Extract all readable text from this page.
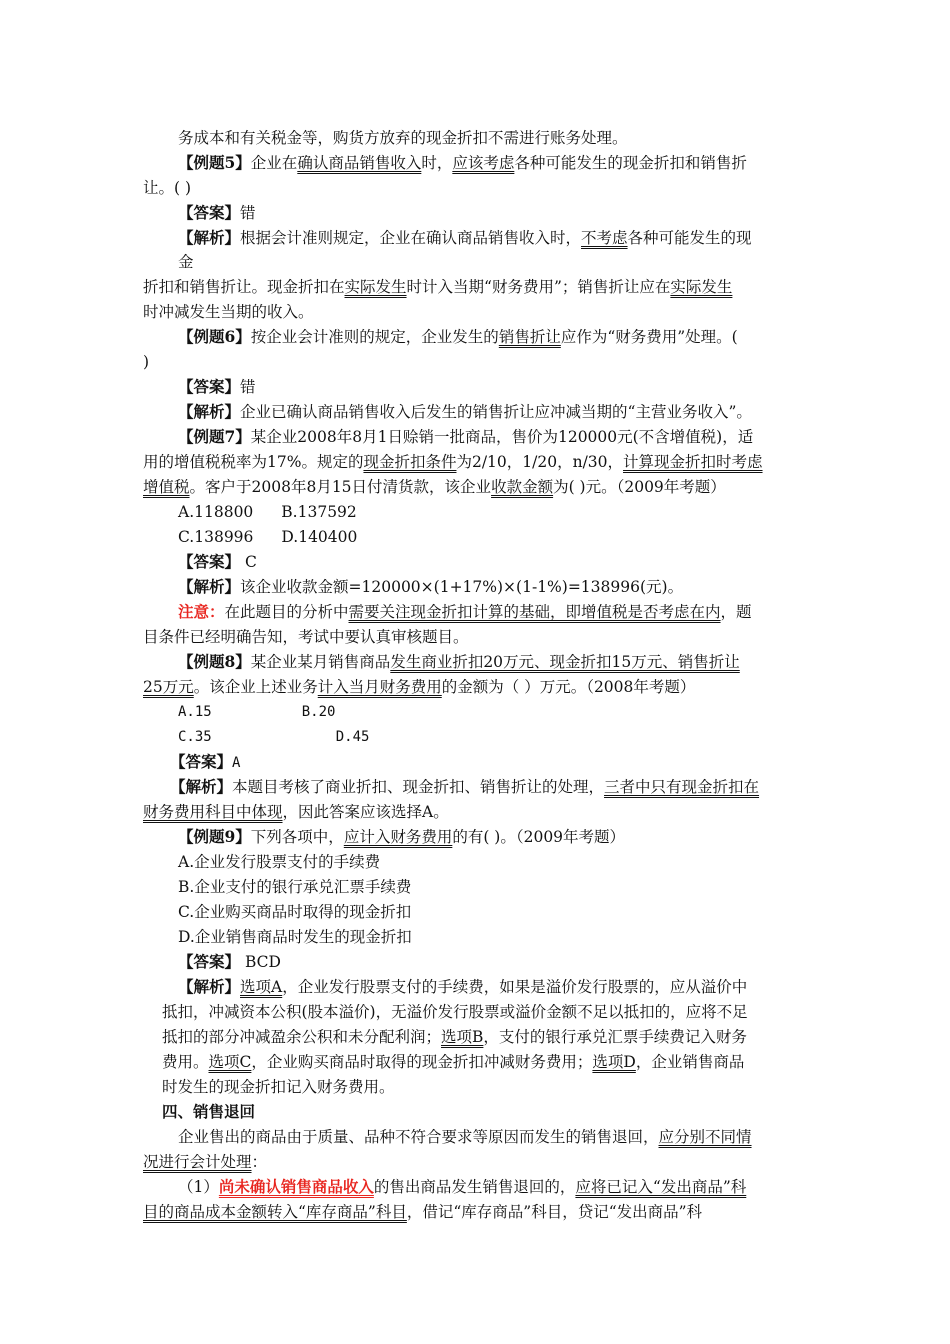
务成本和有关税金等，购货方放弃的现金折扣不需进行账务处理。
【例题5】企业在确认商品销售收入时，应该考虑各种可能发生的现金折扣和销售折
让。( )
【答案】错
【解析】根据会计准则规定，企业在确认商品销售收入时，不考虑各种可能发生的现
金
折扣和销售折让。现金折扣在实际发生时计入当期“财务费用”；销售折让应在实际发生
时冲减发生当期的收入。
【例题6】按企业会计准则的规定，企业发生的销售折让应作为“财务费用”处理。(
)
【答案】错
【解析】企业已确认商品销售收入后发生的销售折让应冲减当期的“主营业务收入”。
【例题7】某企业2008年8月1日赊销一批商品，售价为120000元(不含增值税)，适
用的增值税税率为17%。规定的现金折扣条件为2/10，1/20，n/30，计算现金折扣时考虑
增值税。客户于2008年8月15日付清货款，该企业收款金额为( )元。（2009年考题）
A.118800 B.137592
C.138996 D.140400
【答案】 C
【解析】该企业收款金额=120000×(1+17%)×(1-1%)=138996(元)。
注意：在此题目的分析中需要关注现金折扣计算的基础，即增值税是否考虑在内，题
目条件已经明确告知，考试中要认真审核题目。
【例题8】某企业某月销售商品发生商业折扣20万元、现金折扣15万元、销售折让
25万元。该企业上述业务计入当月财务费用的金额为（ ）万元。（2008年考题）
A.15	B.20
C.35	D.45
【答案】A
【解析】本题目考核了商业折扣、现金折扣、销售折让的处理，三者中只有现金折扣在
财务费用科目中体现，因此答案应该选择A。
【例题9】下列各项中，应计入财务费用的有( )。（2009年考题）
A.企业发行股票支付的手续费
B.企业支付的银行承兑汇票手续费
C.企业购买商品时取得的现金折扣
D.企业销售商品时发生的现金折扣
【答案】 BCD
【解析】选项A，企业发行股票支付的手续费，如果是溢价发行股票的，应从溢价中
抵扣，冲减资本公积(股本溢价)，无溢价发行股票或溢价金额不足以抵扣的，应将不足
抵扣的部分冲减盈余公积和未分配利润；选项B，支付的银行承兑汇票手续费记入财务
费用。选项C，企业购买商品时取得的现金折扣冲减财务费用；选项D，企业销售商品
时发生的现金折扣记入财务费用。
四、销售退回
企业售出的商品由于质量、品种不符合要求等原因而发生的销售退回，应分别不同情
况进行会计处理：
（1）尚未确认销售商品收入的售出商品发生销售退回的，应将已记入“发出商品”科
目的商品成本金额转入“库存商品”科目，借记“库存商品”科目，贷记“发出商品”科
